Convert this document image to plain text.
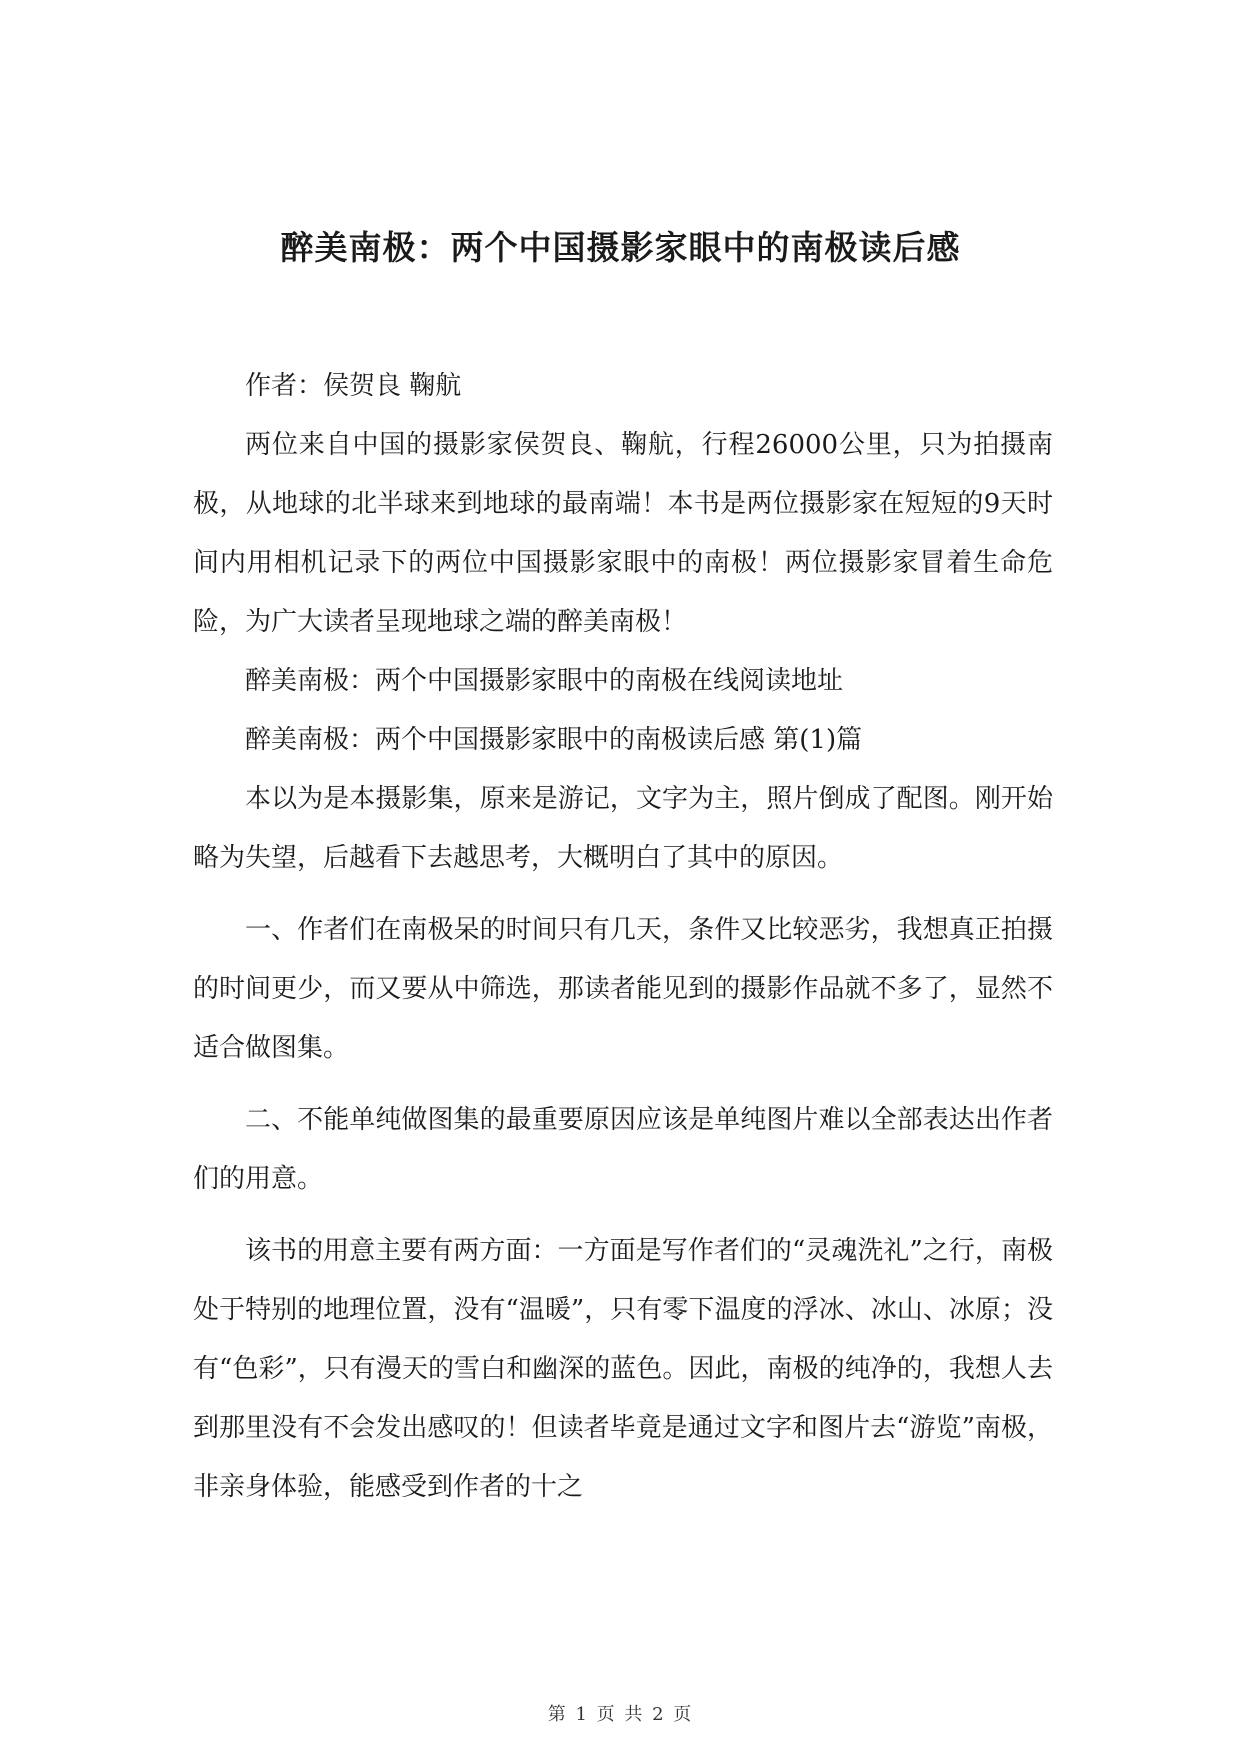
醉美南极：两个中国摄影家眼中的南极读后感

作者：侯贺良 鞠航

两位来自中国的摄影家侯贺良、鞠航，行程26000公里，只为拍摄南极，从地球的北半球来到地球的最南端！本书是两位摄影家在短短的9天时间内用相机记录下的两位中国摄影家眼中的南极！两位摄影家冒着生命危险，为广大读者呈现地球之端的醉美南极！

醉美南极：两个中国摄影家眼中的南极在线阅读地址

醉美南极：两个中国摄影家眼中的南极读后感 第(1)篇

本以为是本摄影集，原来是游记，文字为主，照片倒成了配图。刚开始略为失望，后越看下去越思考，大概明白了其中的原因。

一、作者们在南极呆的时间只有几天，条件又比较恶劣，我想真正拍摄的时间更少，而又要从中筛选，那读者能见到的摄影作品就不多了，显然不适合做图集。

二、不能单纯做图集的最重要原因应该是单纯图片难以全部表达出作者们的用意。

该书的用意主要有两方面：一方面是写作者们的“灵魂洗礼”之行，南极处于特别的地理位置，没有“温暖”，只有零下温度的浮冰、冰山、冰原；没有“色彩”，只有漫天的雪白和幽深的蓝色。因此，南极的纯净的，我想人去到那里没有不会发出感叹的！但读者毕竟是通过文字和图片去“游览”南极，非亲身体验，能感受到作者的十之

第 1 页 共 2 页
